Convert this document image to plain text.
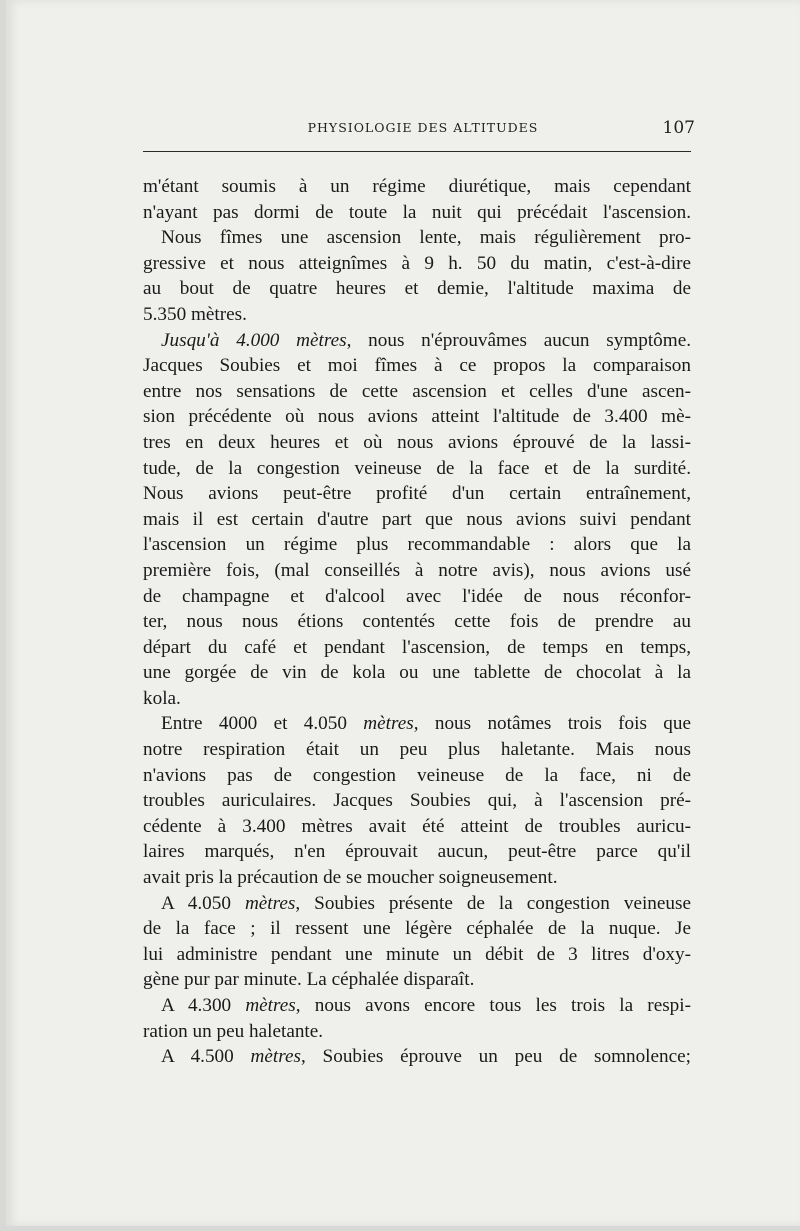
PHYSIOLOGIE DES ALTITUDES	107
m'étant soumis à un régime diurétique, mais cependant
n'ayant pas dormi de toute la nuit qui précédait l'ascension.
Nous fîmes une ascension lente, mais régulièrement pro-
gressive et nous atteignîmes à 9 h. 50 du matin, c'est-à-dire
au bout de quatre heures et demie, l'altitude maxima de
5.350 mètres.
Jusqu'à 4.000 mètres, nous n'éprouvâmes aucun symptôme.
Jacques Soubies et moi fîmes à ce propos la comparaison
entre nos sensations de cette ascension et celles d'une ascen-
sion précédente où nous avions atteint l'altitude de 3.400 mè-
tres en deux heures et où nous avions éprouvé de la lassi-
tude, de la congestion veineuse de la face et de la surdité.
Nous avions peut-être profité d'un certain entraînement,
mais il est certain d'autre part que nous avions suivi pendant
l'ascension un régime plus recommandable : alors que la
première fois, (mal conseillés à notre avis), nous avions usé
de champagne et d'alcool avec l'idée de nous réconfor-
ter, nous nous étions contentés cette fois de prendre au
départ du café et pendant l'ascension, de temps en temps,
une gorgée de vin de kola ou une tablette de chocolat à la
kola.
Entre 4000 et 4.050 mètres, nous notâmes trois fois que
notre respiration était un peu plus haletante. Mais nous
n'avions pas de congestion veineuse de la face, ni de
troubles auriculaires. Jacques Soubies qui, à l'ascension pré-
cédente à 3.400 mètres avait été atteint de troubles auricu-
laires marqués, n'en éprouvait aucun, peut-être parce qu'il
avait pris la précaution de se moucher soigneusement.
A 4.050 mètres, Soubies présente de la congestion veineuse
de la face ; il ressent une légère céphalée de la nuque. Je
lui administre pendant une minute un débit de 3 litres d'oxy-
gène pur par minute. La céphalée disparaît.
A 4.300 mètres, nous avons encore tous les trois la respi-
ration un peu haletante.
A 4.500 mètres, Soubies éprouve un peu de somnolence;
